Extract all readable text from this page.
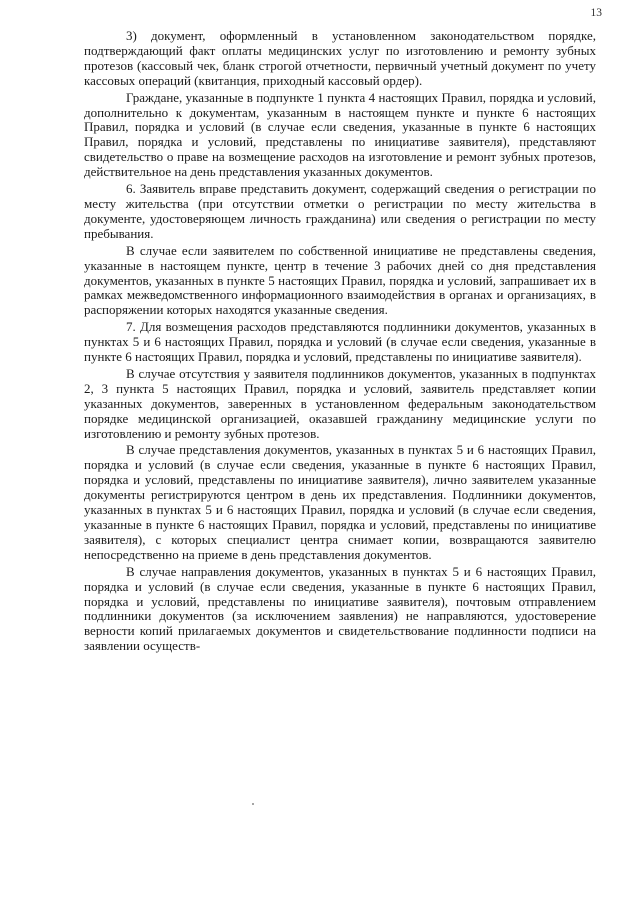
13

3) документ, оформленный в установленном законодательством порядке, подтверждающий факт оплаты медицинских услуг по изготовлению и ремонту зубных протезов (кассовый чек, бланк строгой отчетности, первичный учетный документ по учету кассовых операций (квитанция, приходный кассовый ордер).

Граждане, указанные в подпункте 1 пункта 4 настоящих Правил, порядка и условий, дополнительно к документам, указанным в настоящем пункте и пункте 6 настоящих Правил, порядка и условий (в случае если сведения, указанные в пункте 6 настоящих Правил, порядка и условий, представлены по инициативе заявителя), представляют свидетельство о праве на возмещение расходов на изготовление и ремонт зубных протезов, действительное на день представления указанных документов.

6. Заявитель вправе представить документ, содержащий сведения о регистрации по месту жительства (при отсутствии отметки о регистрации по месту жительства в документе, удостоверяющем личность гражданина) или сведения о регистрации по месту пребывания.

В случае если заявителем по собственной инициативе не представлены сведения, указанные в настоящем пункте, центр в течение 3 рабочих дней со дня представления документов, указанных в пункте 5 настоящих Правил, порядка и условий, запрашивает их в рамках межведомственного информационного взаимодействия в органах и организациях, в распоряжении которых находятся указанные сведения.

7. Для возмещения расходов представляются подлинники документов, указанных в пунктах 5 и 6 настоящих Правил, порядка и условий (в случае если сведения, указанные в пункте 6 настоящих Правил, порядка и условий, представлены по инициативе заявителя).

В случае отсутствия у заявителя подлинников документов, указанных в подпунктах 2, 3 пункта 5 настоящих Правил, порядка и условий, заявитель представляет копии указанных документов, заверенных в установленном федеральным законодательством порядке медицинской организацией, оказавшей гражданину медицинские услуги по изготовлению и ремонту зубных протезов.

В случае представления документов, указанных в пунктах 5 и 6 настоящих Правил, порядка и условий (в случае если сведения, указанные в пункте 6 настоящих Правил, порядка и условий, представлены по инициативе заявителя), лично заявителем указанные документы регистрируются центром в день их представления. Подлинники документов, указанных в пунктах 5 и 6 настоящих Правил, порядка и условий (в случае если сведения, указанные в пункте 6 настоящих Правил, порядка и условий, представлены по инициативе заявителя), с которых специалист центра снимает копии, возвращаются заявителю непосредственно на приеме в день представления документов.

В случае направления документов, указанных в пунктах 5 и 6 настоящих Правил, порядка и условий (в случае если сведения, указанные в пункте 6 настоящих Правил, порядка и условий, представлены по инициативе заявителя), почтовым отправлением подлинники документов (за исключением заявления) не направляются, удостоверение верности копий прилагаемых документов и свидетельствование подлинности подписи на заявлении осуществ-
